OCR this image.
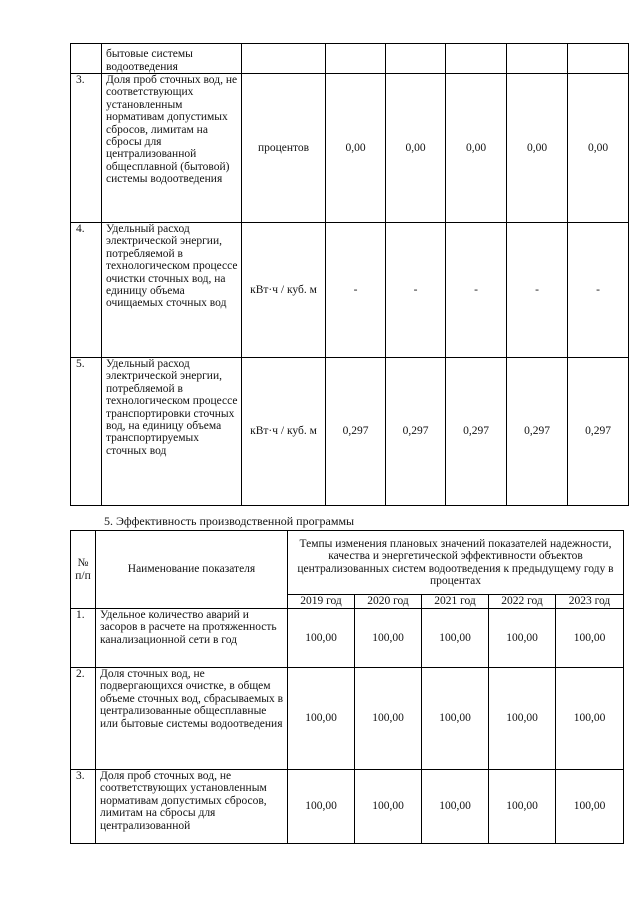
	бытовые системы водоотведения						
3.	Доля проб сточных вод, не соответствующих установленным нормативам допустимых сбросов, лимитам на сбросы для централизованной общесплавной (бытовой) системы водоотведения	процентов	0,00	0,00	0,00	0,00	0,00
4.	Удельный расход электрической энергии, потребляемой в технологическом процессе очистки сточных вод, на единицу объема очищаемых сточных вод	кВт·ч / куб. м	-	-	-	-	-
5.	Удельный расход электрической энергии, потребляемой в технологическом процессе транспортировки сточных вод, на единицу объема транспортируемых сточных вод	кВт·ч / куб. м	0,297	0,297	0,297	0,297	0,297
5. Эффективность производственной программы
№ п/п	Наименование показателя	Темпы изменения плановых значений показателей надежности, качества и энергетической эффективности объектов централизованных систем водоотведения к предыдущему году в процентах				
		2019 год	2020 год	2021 год	2022 год	2023 год
1.	Удельное количество аварий и засоров в расчете на протяженность канализационной сети в год	100,00	100,00	100,00	100,00	100,00
2.	Доля сточных вод, не подвергающихся очистке, в общем объеме сточных вод, сбрасываемых в централизованные общесплавные или бытовые системы водоотведения	100,00	100,00	100,00	100,00	100,00
3.	Доля проб сточных вод, не соответствующих установленным нормативам допустимых сбросов, лимитам на сбросы для централизованной	100,00	100,00	100,00	100,00	100,00
